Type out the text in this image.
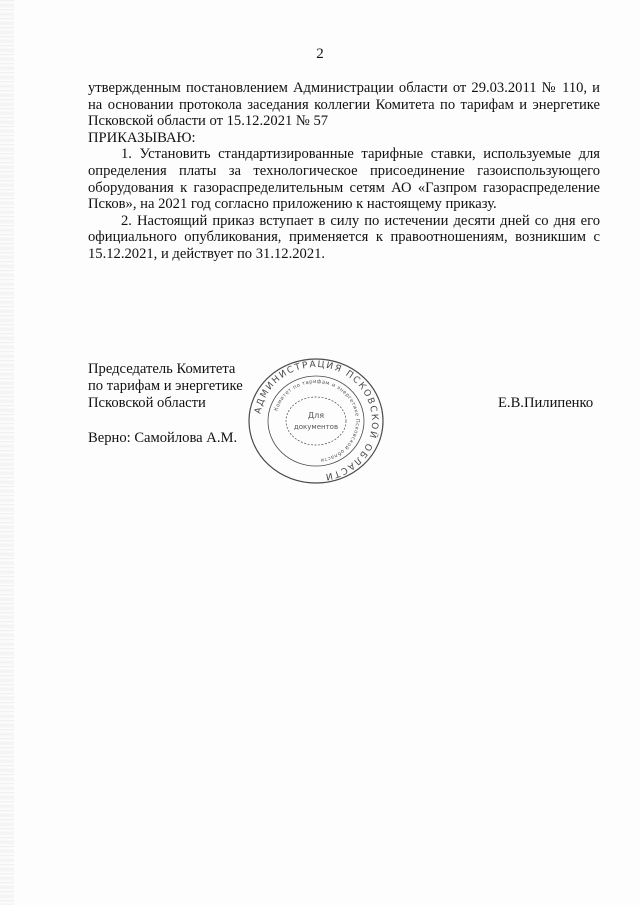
2

утвержденным постановлением Администрации области от 29.03.2011 № 110, и на основании протокола заседания коллегии Комитета по тарифам и энергетике Псковской области от 15.12.2021 № 57

ПРИКАЗЫВАЮ:

1. Установить стандартизированные тарифные ставки, используемые для определения платы за технологическое присоединение газоиспользующего оборудования к газораспределительным сетям АО «Газпром газораспределение Псков», на 2021 год согласно приложению к настоящему приказу.

2. Настоящий приказ вступает в силу по истечении десяти дней со дня его официального опубликования, применяется к правоотношениям, возникшим с 15.12.2021, и действует по 31.12.2021.

Председатель Комитета
по тарифам и энергетике
Псковской области
Верно: Самойлова А.М.
Е.В.Пилипенко
АДМИНИСТРАЦИЯ ПСКОВСКОЙ ОБЛАСТИ
Комитет по тарифам и энергетике Псковской области
Для
документов
